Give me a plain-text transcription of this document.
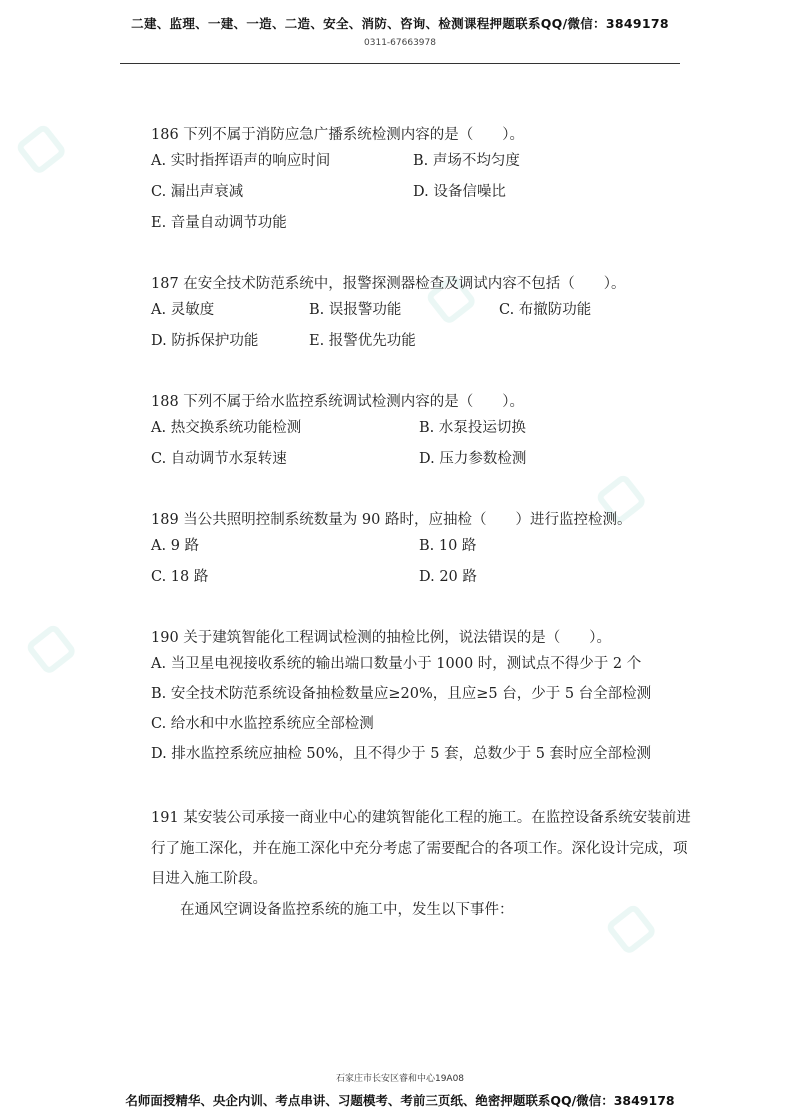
二建、监理、一建、一造、二造、安全、消防、咨询、检测课程押题联系QQ/微信：3849178
0311-67663978
186 下列不属于消防应急广播系统检测内容的是（　　）。
A. 实时指挥语声的响应时间	B. 声场不均匀度
C. 漏出声衰减	D. 设备信噪比
E. 音量自动调节功能
187 在安全技术防范系统中，报警探测器检查及调试内容不包括（　　）。
A. 灵敏度	B. 误报警功能	C. 布撤防功能
D. 防拆保护功能	E. 报警优先功能
188 下列不属于给水监控系统调试检测内容的是（　　）。
A. 热交换系统功能检测	B. 水泵投运切换
C. 自动调节水泵转速	D. 压力参数检测
189 当公共照明控制系统数量为 90 路时，应抽检（　　）进行监控检测。
A. 9 路	B. 10 路
C. 18 路	D. 20 路
190 关于建筑智能化工程调试检测的抽检比例，说法错误的是（　　）。
A. 当卫星电视接收系统的输出端口数量小于 1000 时，测试点不得少于 2 个
B. 安全技术防范系统设备抽检数量应≥20%，且应≥5 台，少于 5 台全部检测
C. 给水和中水监控系统应全部检测
D. 排水监控系统应抽检 50%，且不得少于 5 套，总数少于 5 套时应全部检测
191 某安装公司承接一商业中心的建筑智能化工程的施工。在监控设备系统安装前进行了施工深化，并在施工深化中充分考虑了需要配合的各项工作。深化设计完成，项目进入施工阶段。
在通风空调设备监控系统的施工中，发生以下事件：
石家庄市长安区睿和中心19A08
名师面授精华、央企内训、考点串讲、习题模考、考前三页纸、绝密押题联系QQ/微信：3849178
